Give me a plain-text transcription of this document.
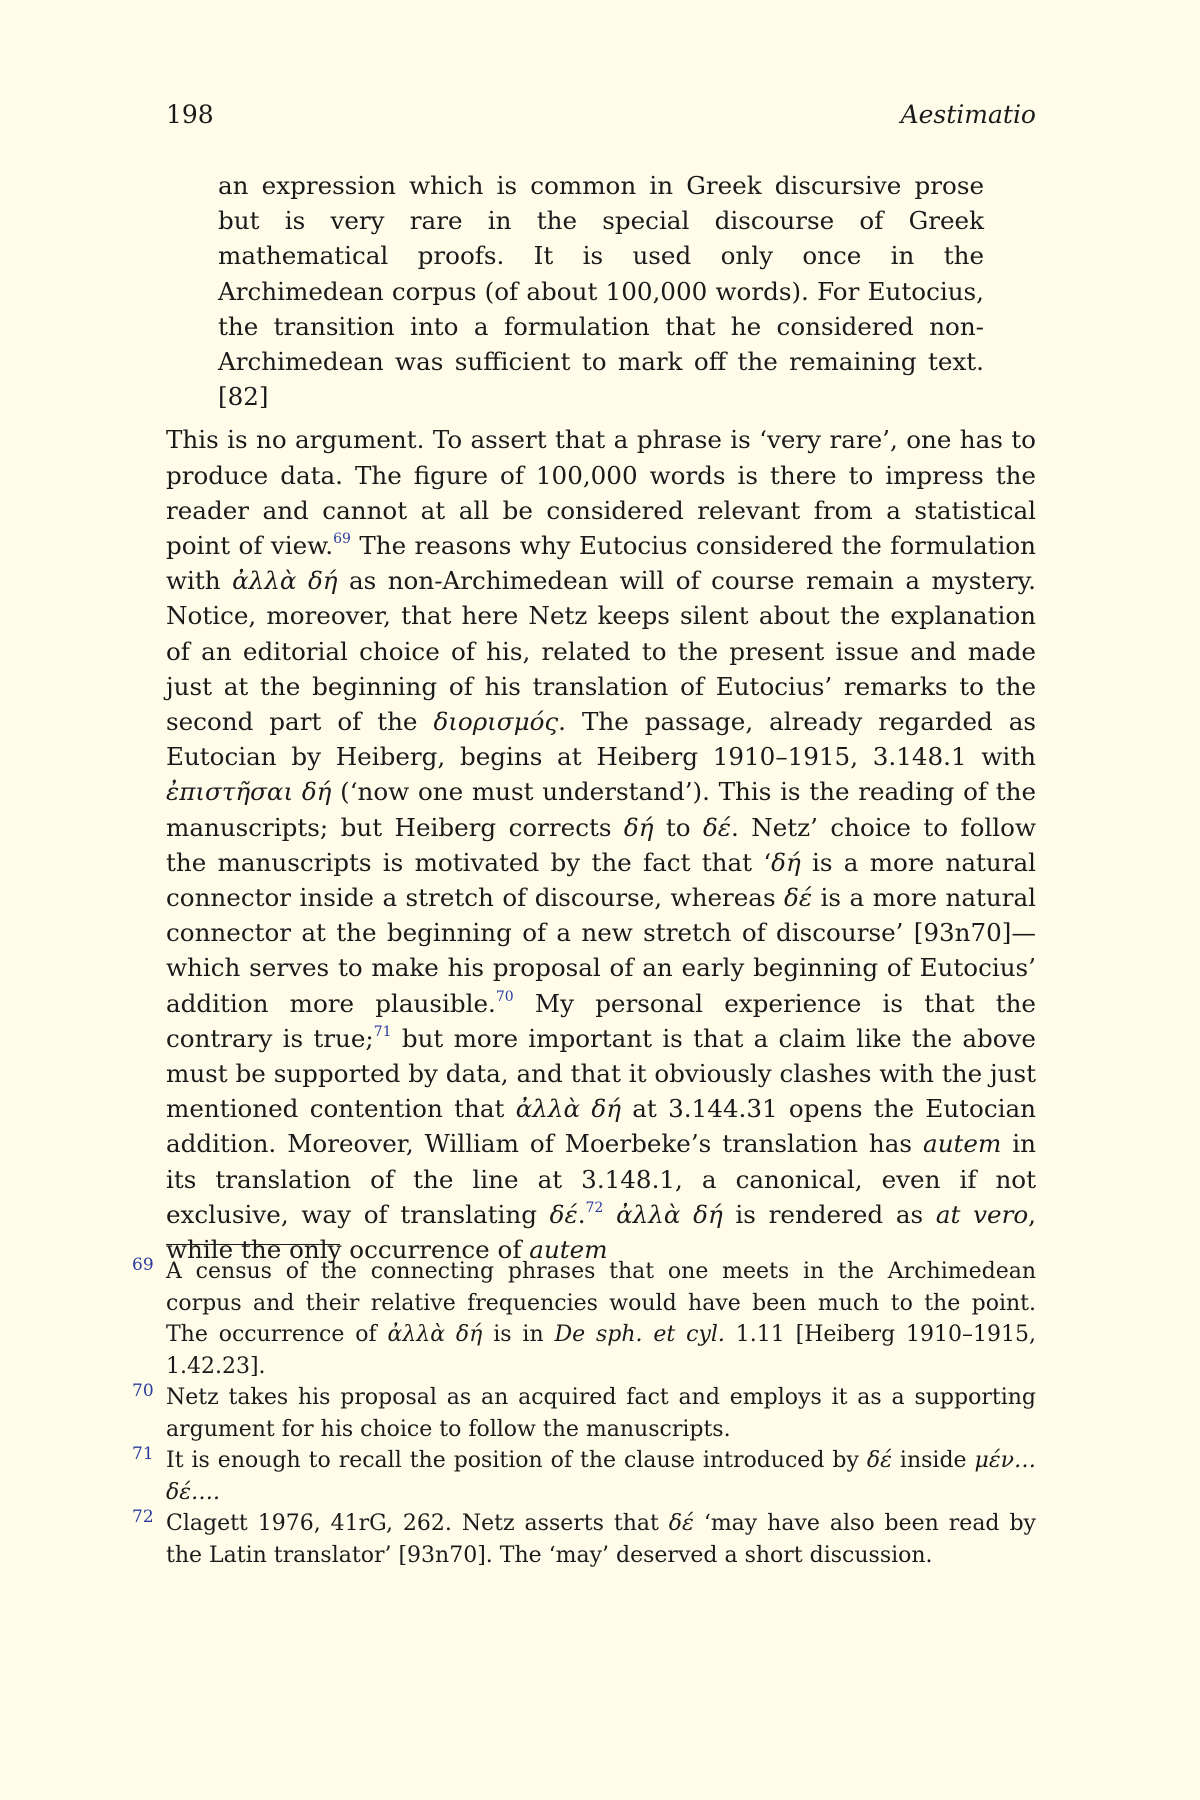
198	Aestimatio

an expression which is common in Greek discursive prose but is very rare in the special discourse of Greek mathematical proofs. It is used only once in the Archimedean corpus (of about 100,000 words). For Eutocius, the transition into a formulation that he considered non-Archimedean was sufficient to mark off the remaining text. [82]

This is no argument. To assert that a phrase is ‘very rare’, one has to produce data. The figure of 100,000 words is there to impress the reader and cannot at all be considered relevant from a statistical point of view.$^{69}$ The reasons why Eutocius considered the formulation with ἀλλὰ δή as non-Archimedean will of course remain a mystery. Notice, moreover, that here Netz keeps silent about the explanation of an editorial choice of his, related to the present issue and made just at the beginning of his translation of Eutocius’ remarks to the second part of the διορισμός. The passage, already regarded as Eutocian by Heiberg, begins at Heiberg 1910–1915, 3.148.1 with ἐπιστῆσαι δή (‘now one must understand’). This is the reading of the manuscripts; but Heiberg corrects δή to δέ. Netz’ choice to follow the manuscripts is motivated by the fact that ‘δή is a more natural connector inside a stretch of discourse, whereas δέ is a more natural connector at the beginning of a new stretch of discourse’ [93n70]—which serves to make his proposal of an early beginning of Eutocius’ addition more plausible.$^{70}$ My personal experience is that the contrary is true;$^{71}$ but more important is that a claim like the above must be supported by data, and that it obviously clashes with the just mentioned contention that ἀλλὰ δή at 3.144.31 opens the Eutocian addition. Moreover, William of Moerbeke’s translation has autem in its translation of the line at 3.148.1, a canonical, even if not exclusive, way of translating δέ.$^{72}$ ἀλλὰ δή is rendered as at vero, while the only occurrence of autem

69 A census of the connecting phrases that one meets in the Archimedean corpus and their relative frequencies would have been much to the point. The occurrence of ἀλλὰ δή is in De sph. et cyl. 1.11 [Heiberg 1910–1915, 1.42.23].

70 Netz takes his proposal as an acquired fact and employs it as a supporting argument for his choice to follow the manuscripts.

71 It is enough to recall the position of the clause introduced by δέ inside μέν… δέ….

72 Clagett 1976, 41rG, 262. Netz asserts that δέ ‘may have also been read by the Latin translator’ [93n70]. The ‘may’ deserved a short discussion.
